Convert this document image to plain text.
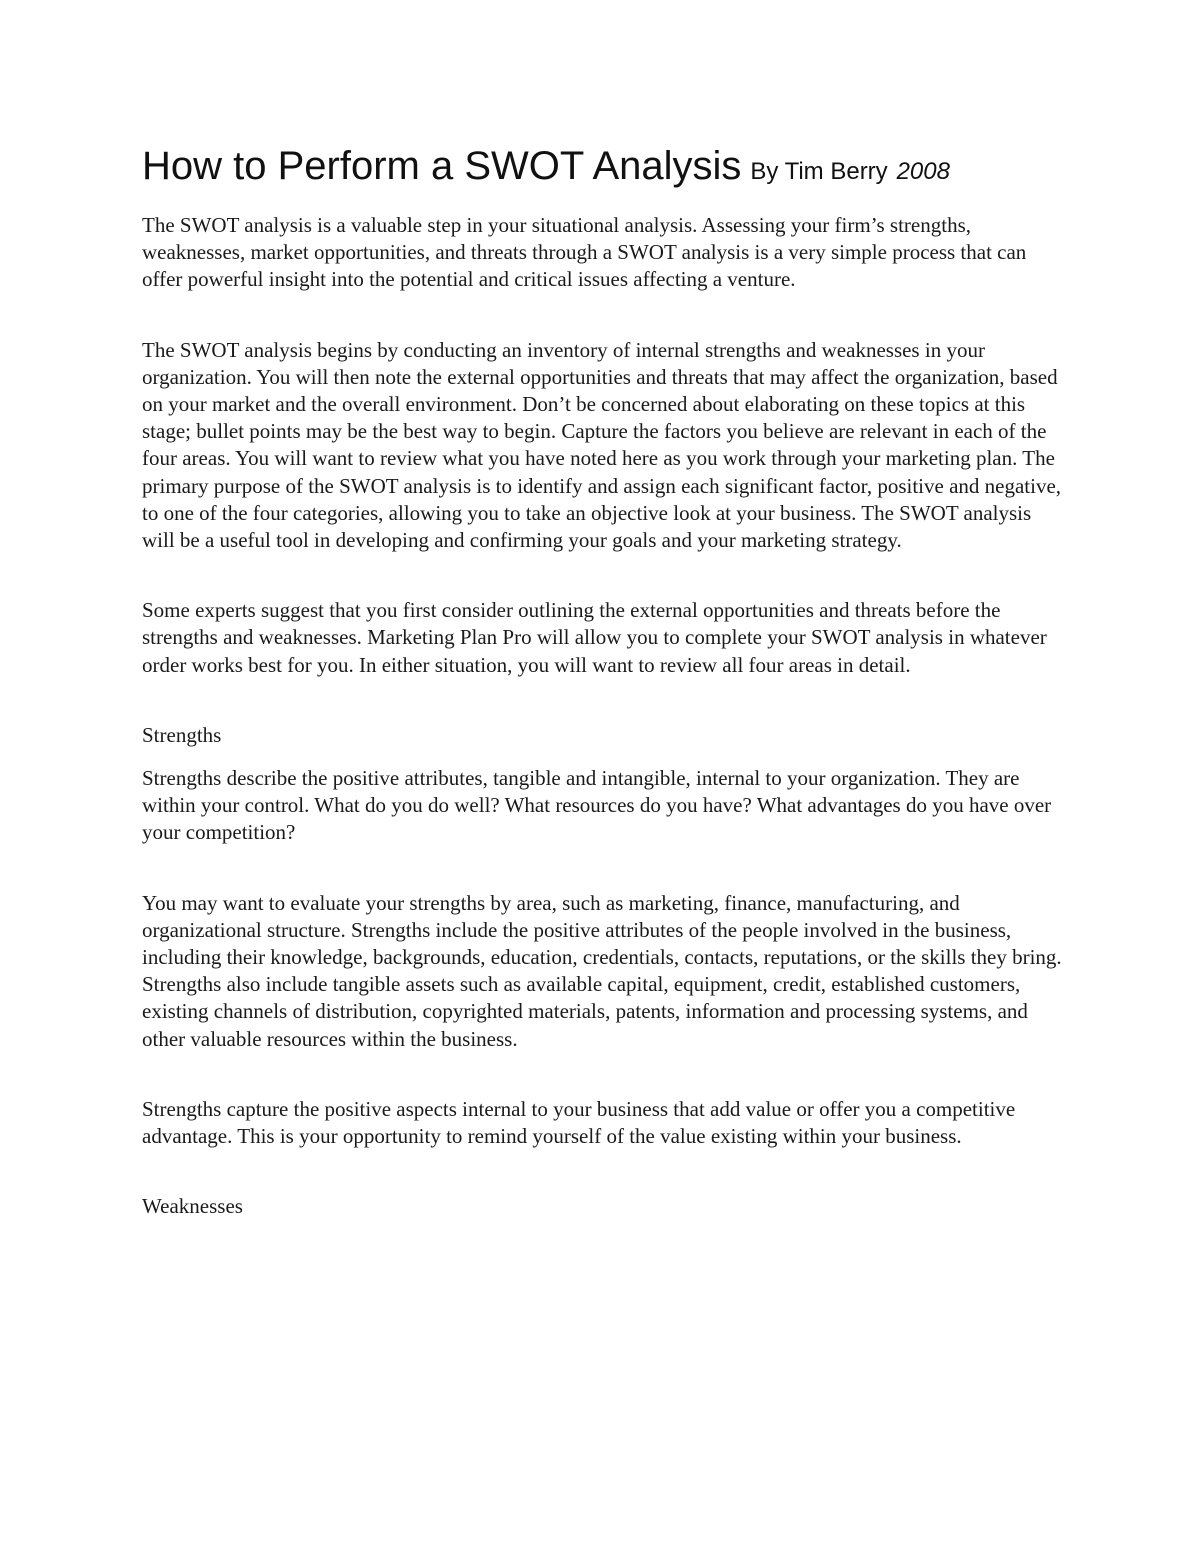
How to Perform a SWOT Analysis By Tim Berry 2008

The SWOT analysis is a valuable step in your situational analysis. Assessing your firm’s strengths, weaknesses, market opportunities, and threats through a SWOT analysis is a very simple process that can offer powerful insight into the potential and critical issues affecting a venture.

The SWOT analysis begins by conducting an inventory of internal strengths and weaknesses in your organization. You will then note the external opportunities and threats that may affect the organization, based on your market and the overall environment. Don’t be concerned about elaborating on these topics at this stage; bullet points may be the best way to begin. Capture the factors you believe are relevant in each of the four areas. You will want to review what you have noted here as you work through your marketing plan. The primary purpose of the SWOT analysis is to identify and assign each significant factor, positive and negative, to one of the four categories, allowing you to take an objective look at your business. The SWOT analysis will be a useful tool in developing and confirming your goals and your marketing strategy.

Some experts suggest that you first consider outlining the external opportunities and threats before the strengths and weaknesses. Marketing Plan Pro will allow you to complete your SWOT analysis in whatever order works best for you. In either situation, you will want to review all four areas in detail.

Strengths

Strengths describe the positive attributes, tangible and intangible, internal to your organization. They are within your control. What do you do well? What resources do you have? What advantages do you have over your competition?

You may want to evaluate your strengths by area, such as marketing, finance, manufacturing, and organizational structure. Strengths include the positive attributes of the people involved in the business, including their knowledge, backgrounds, education, credentials, contacts, reputations, or the skills they bring. Strengths also include tangible assets such as available capital, equipment, credit, established customers, existing channels of distribution, copyrighted materials, patents, information and processing systems, and other valuable resources within the business.

Strengths capture the positive aspects internal to your business that add value or offer you a competitive advantage. This is your opportunity to remind yourself of the value existing within your business.

Weaknesses
